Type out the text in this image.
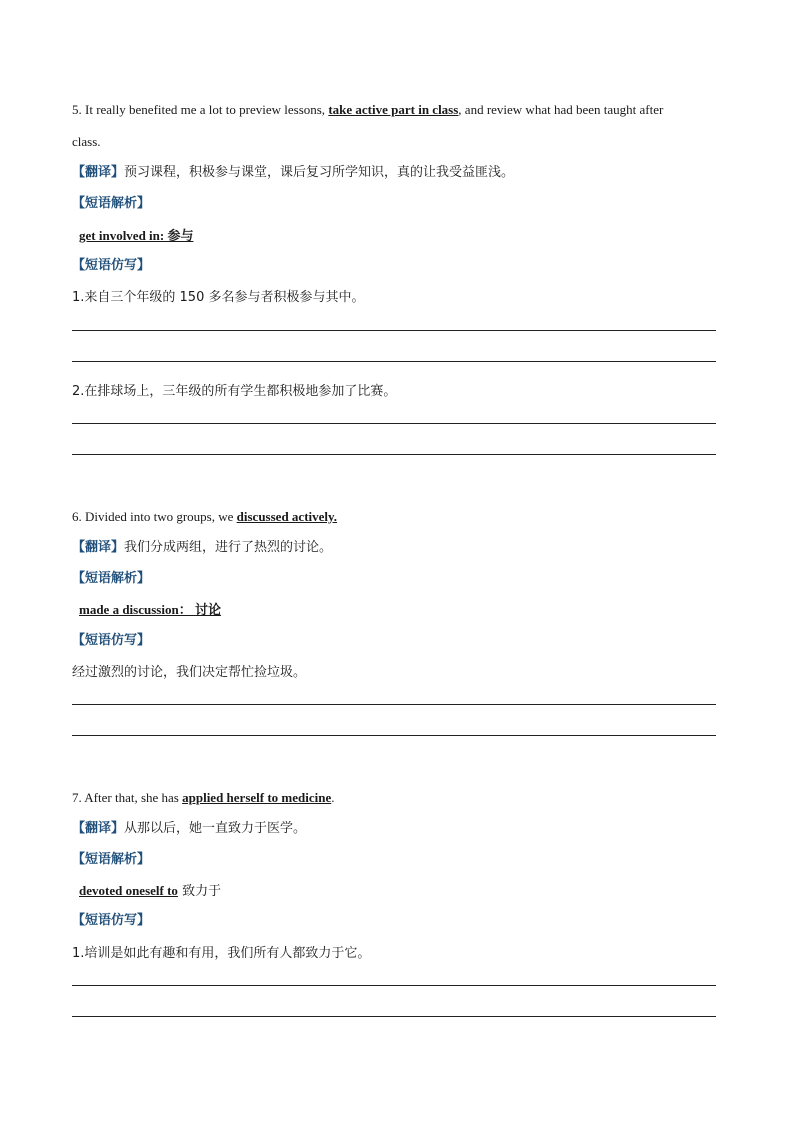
5. It really benefited me a lot to preview lessons, take active part in class, and review what had been taught after
class.
【翻译】预习课程，积极参与课堂，课后复习所学知识，真的让我受益匪浅。
【短语解析】
get involved in: 参与
【短语仿写】
1.来自三个年级的 150 多名参与者积极参与其中。
2.在排球场上，三年级的所有学生都积极地参加了比赛。
6. Divided into two groups, we discussed actively.
【翻译】我们分成两组，进行了热烈的讨论。
【短语解析】
made a discussion： 讨论
【短语仿写】
经过激烈的讨论，我们决定帮忙捡垃圾。
7. After that, she has applied herself to medicine.
【翻译】从那以后，她一直致力于医学。
【短语解析】
devoted oneself to 致力于
【短语仿写】
1.培训是如此有趣和有用，我们所有人都致力于它。
